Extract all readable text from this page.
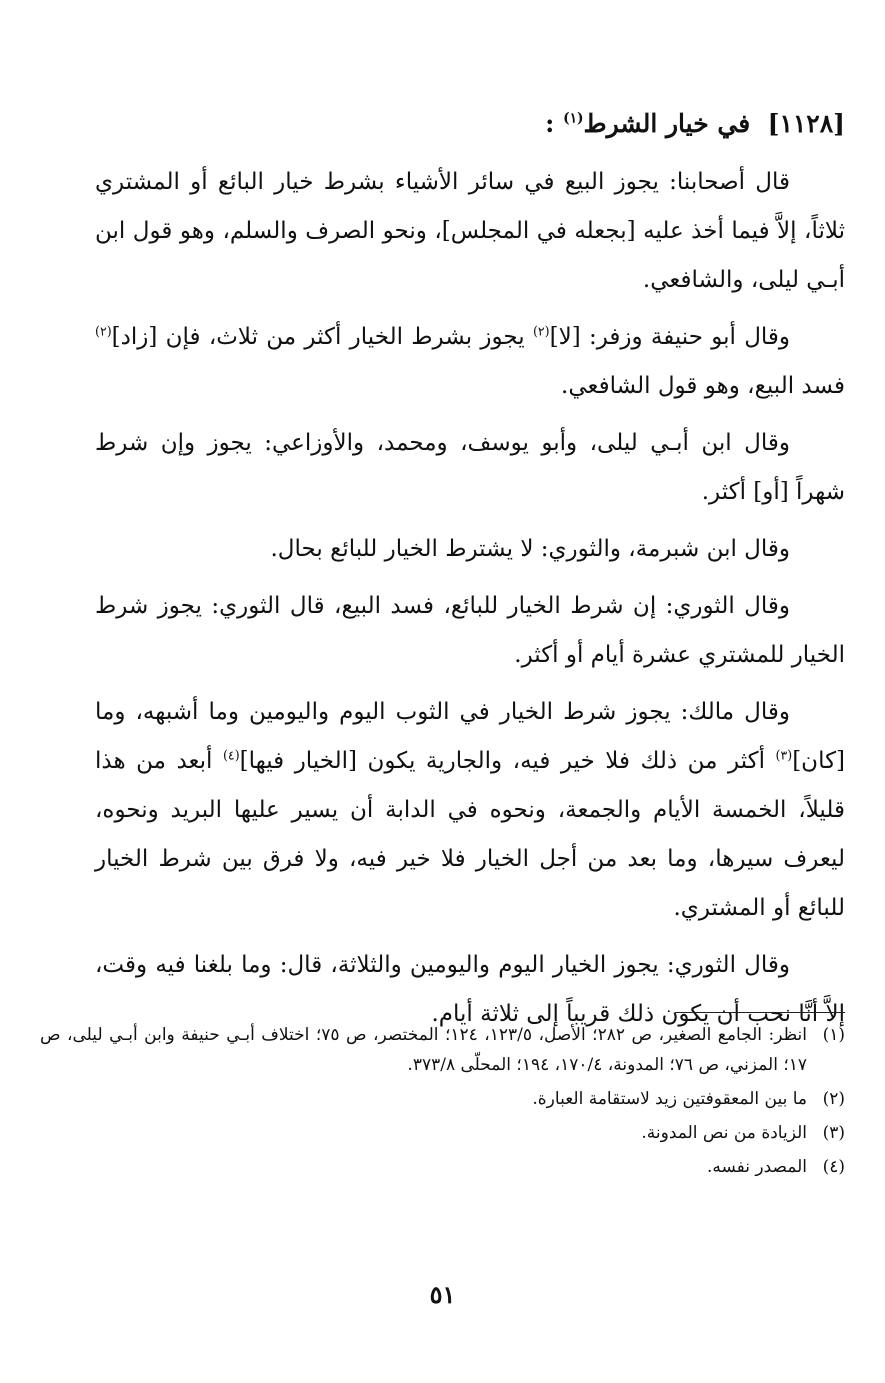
[١١٢٨]  في خيار الشرط$^{(١)}$ :

قال أصحابنا: يجوز البيع في سائر الأشياء بشرط خيار البائع أو المشتري ثلاثاً، إلاَّ فيما أخذ عليه [بجعله في المجلس]، ونحو الصرف والسلم، وهو قول ابن أبـي ليلى، والشافعي.

وقال أبو حنيفة وزفر: [لا]$^{(٢)}$ يجوز بشرط الخيار أكثر من ثلاث، فإن [زاد]$^{(٢)}$ فسد البيع، وهو قول الشافعي.

وقال ابن أبـي ليلى، وأبو يوسف، ومحمد، والأوزاعي: يجوز وإن شرط شهراً [أو] أكثر.

وقال ابن شبرمة، والثوري: لا يشترط الخيار للبائع بحال.

وقال الثوري: إن شرط الخيار للبائع، فسد البيع، قال الثوري: يجوز شرط الخيار للمشتري عشرة أيام أو أكثر.

وقال مالك: يجوز شرط الخيار في الثوب اليوم واليومين وما أشبهه، وما [كان]$^{(٣)}$ أكثر من ذلك فلا خير فيه، والجارية يكون [الخيار فيها]$^{(٤)}$ أبعد من هذا قليلاً، الخمسة الأيام والجمعة، ونحوه في الدابة أن يسير عليها البريد ونحوه، ليعرف سيرها، وما بعد من أجل الخيار فلا خير فيه، ولا فرق بين شرط الخيار للبائع أو المشتري.

وقال الثوري: يجوز الخيار اليوم واليومين والثلاثة، قال: وما بلغنا فيه وقت، إلاَّ أنَّا نحب أن يكون ذلك قريباً إلى ثلاثة أيام.

(١)
انظر: الجامع الصغير، ص ٢٨٢؛ الأصل، ١٢٣/٥، ١٢٤؛ المختصر، ص ٧٥؛ اختلاف أبـي حنيفة وابن أبـي ليلى، ص ١٧؛ المزني، ص ٧٦؛ المدونة، ١٧٠/٤، ١٩٤؛ المحلّى ٣٧٣/٨.
(٢)
ما بين المعقوفتين زيد لاستقامة العبارة.
(٣)
الزيادة من نص المدونة.
(٤)
المصدر نفسه.
٥١
